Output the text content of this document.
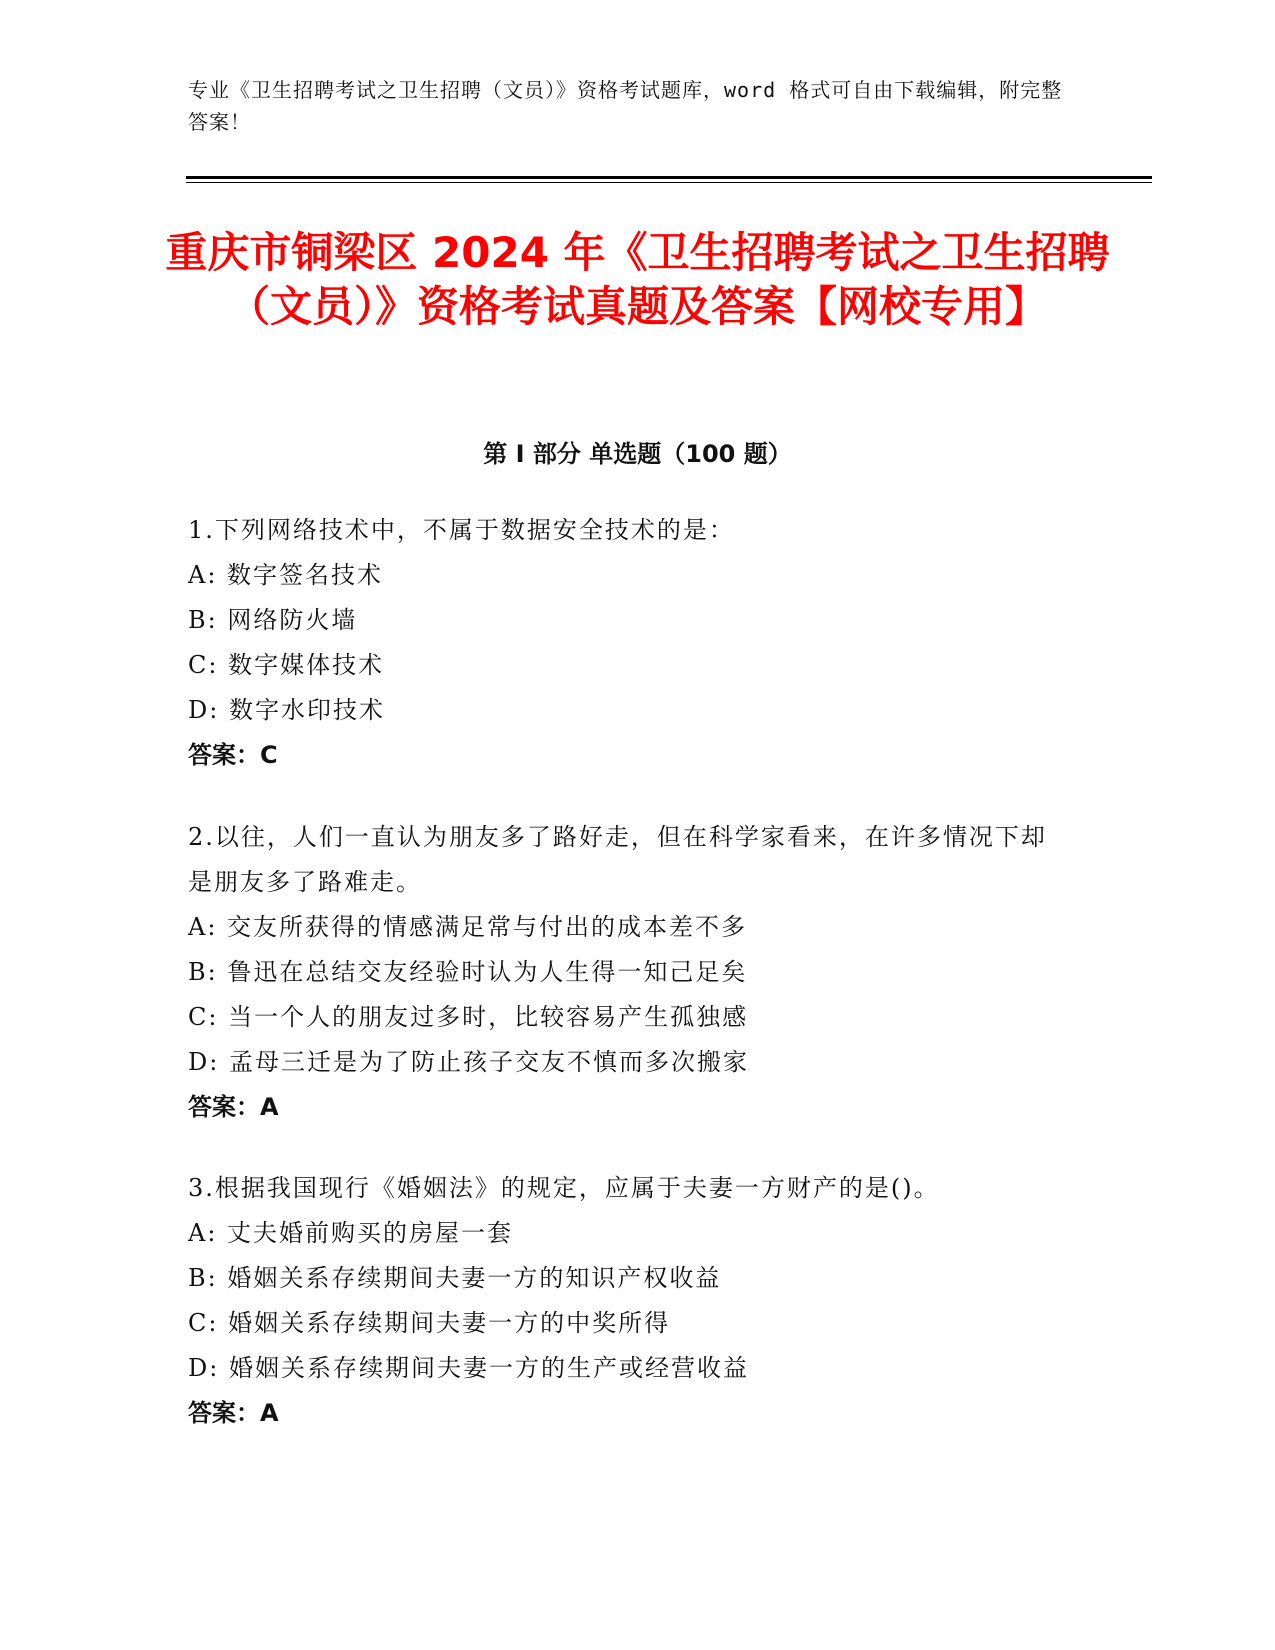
专业《卫生招聘考试之卫生招聘（文员）》资格考试题库，word 格式可自由下载编辑，附完整答案！
重庆市铜梁区 2024 年《卫生招聘考试之卫生招聘（文员）》资格考试真题及答案【网校专用】
第 I 部分 单选题（100 题）

1.下列网络技术中，不属于数据安全技术的是：

A: 数字签名技术

B: 网络防火墙

C: 数字媒体技术

D: 数字水印技术

答案：C

2.以往，人们一直认为朋友多了路好走，但在科学家看来，在许多情况下却是朋友多了路难走。

A: 交友所获得的情感满足常与付出的成本差不多

B: 鲁迅在总结交友经验时认为人生得一知己足矣

C: 当一个人的朋友过多时，比较容易产生孤独感

D: 孟母三迁是为了防止孩子交友不慎而多次搬家

答案：A

3.根据我国现行《婚姻法》的规定，应属于夫妻一方财产的是()。

A: 丈夫婚前购买的房屋一套

B: 婚姻关系存续期间夫妻一方的知识产权收益

C: 婚姻关系存续期间夫妻一方的中奖所得

D: 婚姻关系存续期间夫妻一方的生产或经营收益

答案：A
